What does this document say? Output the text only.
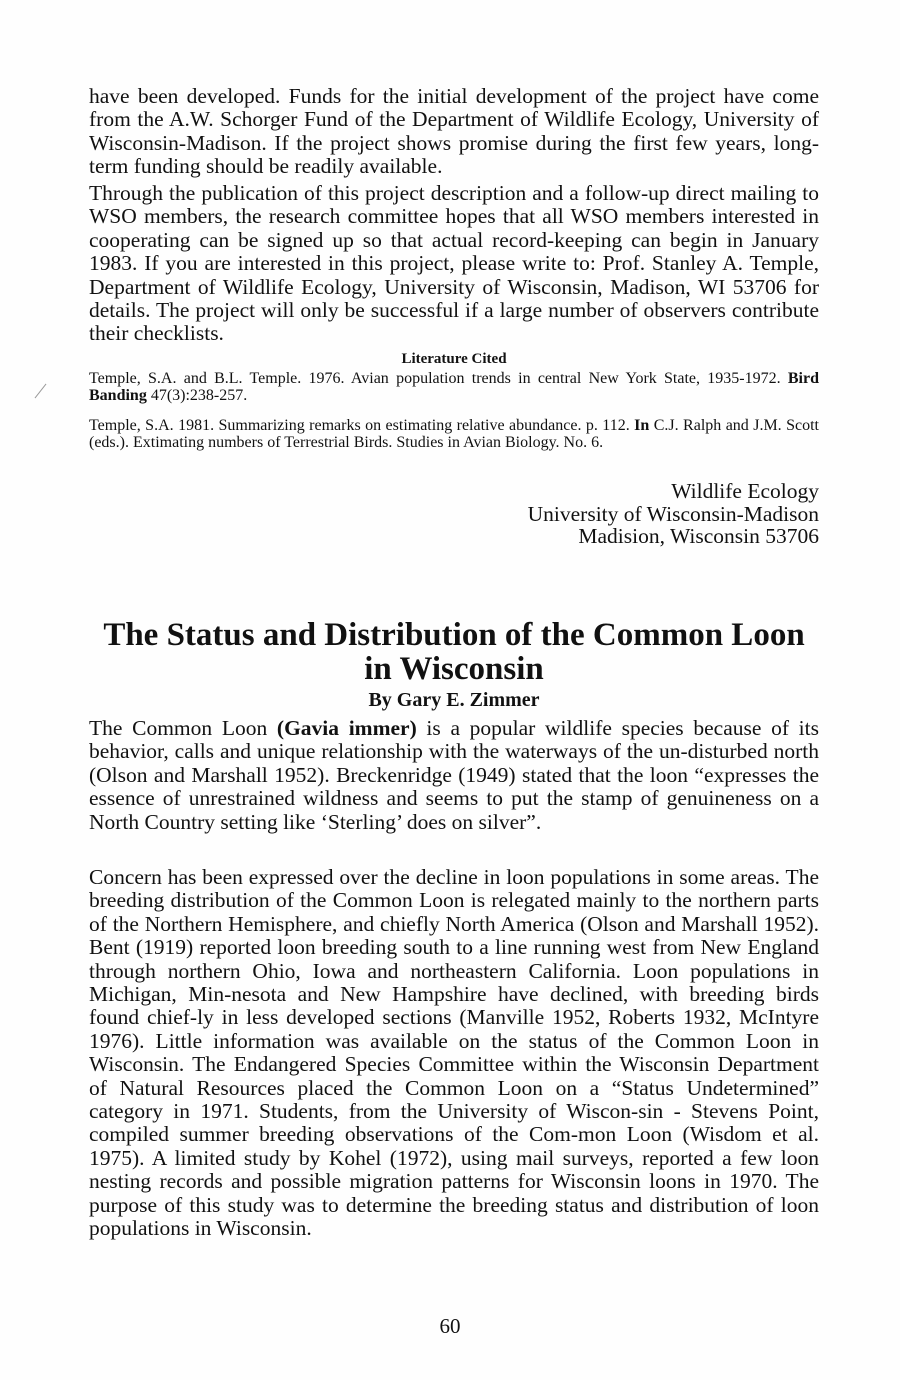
have been developed. Funds for the initial development of the project have come from the A.W. Schorger Fund of the Department of Wildlife Ecology, University of Wisconsin-Madison. If the project shows promise during the first few years, long-term funding should be readily available.

Through the publication of this project description and a follow-up direct mailing to WSO members, the research committee hopes that all WSO members interested in cooperating can be signed up so that actual record-keeping can begin in January 1983. If you are interested in this project, please write to: Prof. Stanley A. Temple, Department of Wildlife Ecology, University of Wisconsin, Madison, WI 53706 for details. The project will only be successful if a large number of observers contribute their checklists.

Literature Cited

Temple, S.A. and B.L. Temple. 1976. Avian population trends in central New York State, 1935-1972. Bird Banding 47(3):238-257.

Temple, S.A. 1981. Summarizing remarks on estimating relative abundance. p. 112. In C.J. Ralph and J.M. Scott (eds.). Extimating numbers of Terrestrial Birds. Studies in Avian Biology. No. 6.

Wildlife Ecology
University of Wisconsin-Madison
Madision, Wisconsin 53706
The Status and Distribution of the Common Loon
in Wisconsin
By Gary E. Zimmer

The Common Loon (Gavia immer) is a popular wildlife species because of its behavior, calls and unique relationship with the waterways of the un-disturbed north (Olson and Marshall 1952). Breckenridge (1949) stated that the loon “expresses the essence of unrestrained wildness and seems to put the stamp of genuineness on a North Country setting like ‘Sterling’ does on silver”.

Concern has been expressed over the decline in loon populations in some areas. The breeding distribution of the Common Loon is relegated mainly to the northern parts of the Northern Hemisphere, and chiefly North America (Olson and Marshall 1952). Bent (1919) reported loon breeding south to a line running west from New England through northern Ohio, Iowa and northeastern California. Loon populations in Michigan, Min-nesota and New Hampshire have declined, with breeding birds found chief-ly in less developed sections (Manville 1952, Roberts 1932, McIntyre 1976). Little information was available on the status of the Common Loon in Wisconsin. The Endangered Species Committee within the Wisconsin Department of Natural Resources placed the Common Loon on a “Status Undetermined” category in 1971. Students, from the University of Wiscon-sin - Stevens Point, compiled summer breeding observations of the Com-mon Loon (Wisdom et al. 1975). A limited study by Kohel (1972), using mail surveys, reported a few loon nesting records and possible migration patterns for Wisconsin loons in 1970. The purpose of this study was to determine the breeding status and distribution of loon populations in Wisconsin.

60
